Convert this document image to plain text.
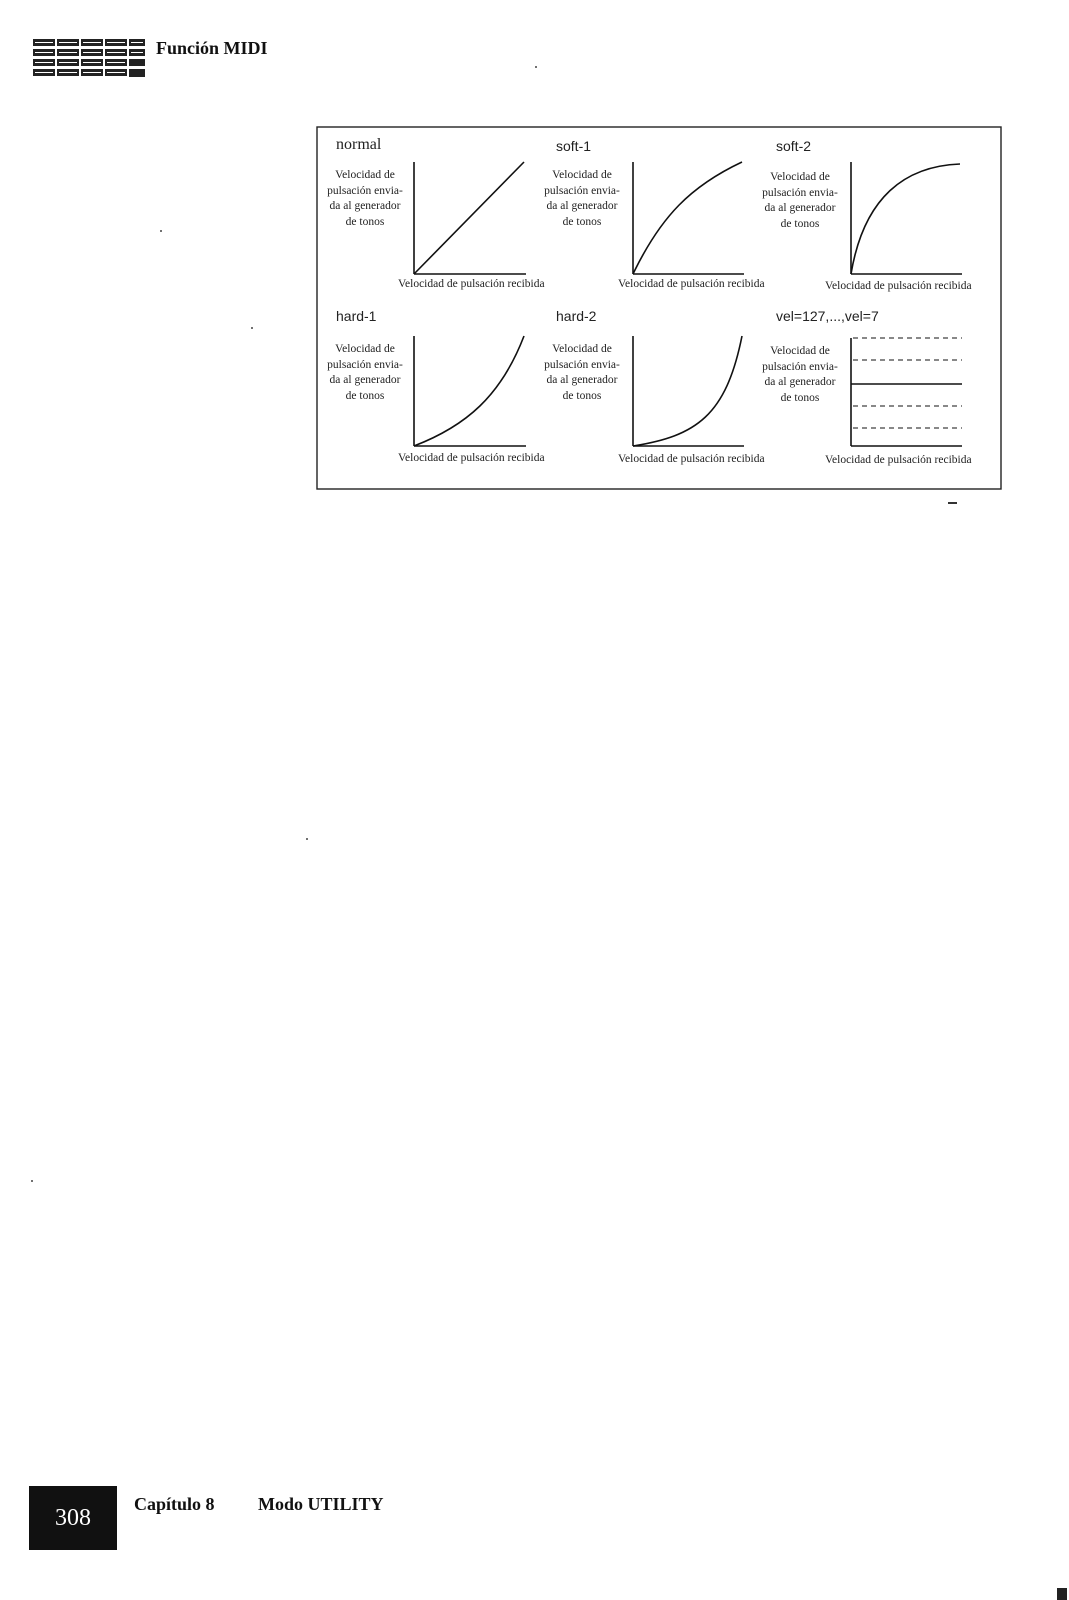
Función MIDI
normal	soft-1	soft-2
hard-1	hard-2	vel=127,...,vel=7
Velocidad de
pulsación envia-
da al generador
de tonos
Velocidad de
pulsación envia-
da al generador
de tonos
Velocidad de
pulsación envia-
da al generador
de tonos
Velocidad de
pulsación envia-
da al generador
de tonos
Velocidad de
pulsación envia-
da al generador
de tonos
Velocidad de
pulsación envia-
da al generador
de tonos
Velocidad de pulsación recibida	Velocidad de pulsación recibida	Velocidad de pulsación recibida
Velocidad de pulsación recibida	Velocidad de pulsación recibida	Velocidad de pulsación recibida
308
Capítulo 8 Modo UTILITY
